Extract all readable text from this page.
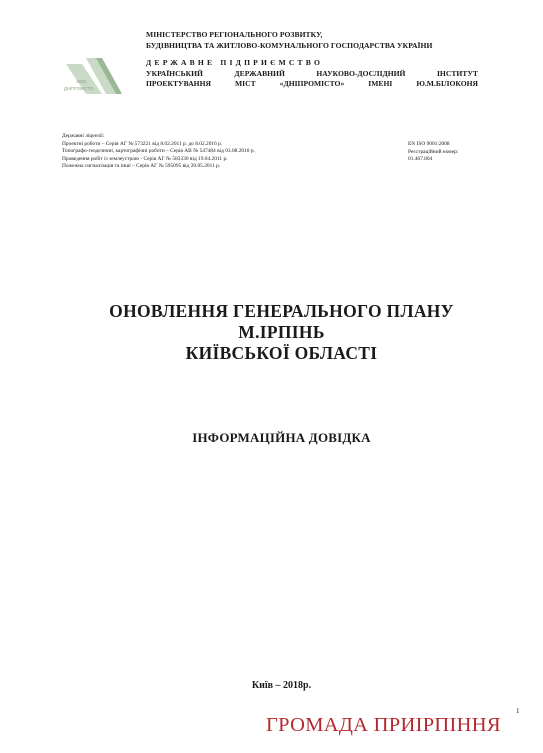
1930
ДНІПРОМІСТО
МІНІСТЕРСТВО РЕГІОНАЛЬНОГО РОЗВИТКУ,
БУДІВНИЦТВА ТА ЖИТЛОВО-КОМУНАЛЬНОГО ГОСПОДАРСТВА УКРАЇНИ
ДЕРЖАВНЕ ПІДПРИЄМСТВО
УКРАЇНСЬКИЙ ДЕРЖАВНИЙ НАУКОВО-ДОСЛІДНИЙ ІНСТИТУТ
ПРОЕКТУВАННЯ МІСТ «ДНІПРОМІСТО» ІМЕНІ Ю.М.БІЛОКОНЯ
Державні ліцензії:
Проектні роботи – Серія АГ № 573221 від 8.02.2011 р. до 8.02.2016 р.
Топографо-геодезичні, картографічні роботи – Серія АВ № 547484 від 03.08.2010 р.
Проведення робіт із землеустрою - Серія АГ № 583330 від 19.04.2011 р.
Пожежна сигналізація та інші – Серія АГ № 595095 від 20.05.2011 р.
EN ISO 9001:2008
Реєстраційний номер:
01.467.804
ОНОВЛЕННЯ ГЕНЕРАЛЬНОГО ПЛАНУ
М.ІРПІНЬ
КИЇВСЬКОЇ ОБЛАСТІ
ІНФОРМАЦІЙНА ДОВІДКА
Київ – 2018р.
1
ГРОМАДА ПРИІРПІННЯ
